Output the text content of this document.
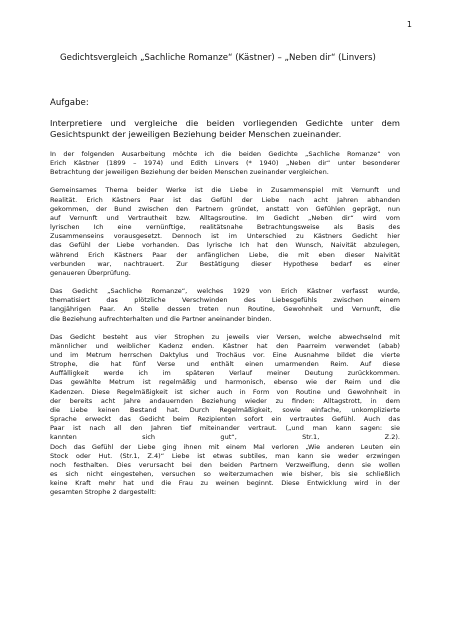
1
Gedichtsvergleich „Sachliche Romanze“ (Kästner) – „Neben dir“ (Linvers)
Aufgabe:
Interpretiere und vergleiche die beiden vorliegenden Gedichte unter dem Gesichtspunkt der jeweiligen Beziehung beider Menschen zueinander.

In der folgenden Ausarbeitung möchte ich die beiden Gedichte „Sachliche Romanze“ von
Erich Kästner (1899 – 1974) und Edith Linvers (* 1940) „Neben dir“ unter besonderer
Betrachtung der jeweiligen Beziehung der beiden Menschen zueinander vergleichen.

Gemeinsames Thema beider Werke ist die Liebe in Zusammenspiel mit Vernunft und
Realität. Erich Kästners Paar ist das Gefühl der Liebe nach acht Jahren abhanden
gekommen, der Bund zwischen den Partnern gründet, anstatt von Gefühlen geprägt, nun
auf Vernunft und Vertrautheit bzw. Alltagsroutine. Im Gedicht „Neben dir“ wird vom
lyrischen Ich eine vernünftige, realitätsnahe Betrachtungsweise als Basis des
Zusammenseins vorausgesetzt. Dennoch ist im Unterschied zu Kästners Gedicht hier
das Gefühl der Liebe vorhanden. Das lyrische Ich hat den Wunsch, Naivität abzulegen,
während Erich Kästners Paar der anfänglichen Liebe, die mit eben dieser Naivität
verbunden war, nachtrauert. Zur Bestätigung dieser Hypothese bedarf es einer
genaueren Überprüfung.

Das Gedicht „Sachliche Romanze“, welches 1929 von Erich Kästner verfasst wurde,
thematisiert das plötzliche Verschwinden des Liebesgefühls zwischen einem
langjährigen Paar. An Stelle dessen treten nun Routine, Gewohnheit und Vernunft, die
die Beziehung aufrechterhalten und die Partner aneinander binden.

Das Gedicht besteht aus vier Strophen zu jeweils vier Versen, welche abwechselnd mit
männlicher und weiblicher Kadenz enden. Kästner hat den Paarreim verwendet (abab)
und im Metrum herrschen Daktylus und Trochäus vor. Eine Ausnahme bildet die vierte
Strophe, die hat fünf Verse und enthält einen umarmenden Reim. Auf diese
Auffälligkeit werde ich im späteren Verlauf meiner Deutung zurückkommen.
Das gewählte Metrum ist regelmäßig und harmonisch, ebenso wie der Reim und die
Kadenzen. Diese Regelmäßigkeit ist sicher auch in Form von Routine und Gewohnheit in
der bereits acht Jahre andauernden Beziehung wieder zu finden: Alltagstrott, in dem
die Liebe keinen Bestand hat. Durch Regelmäßigkeit, sowie einfache, unkomplizierte
Sprache erweckt das Gedicht beim Rezipienten sofort ein vertrautes Gefühl. Auch das
Paar ist nach all den Jahren tief miteinander vertraut. („und man kann sagen: sie
kannten sich gut“, Str.1, Z.2).
Doch das Gefühl der Liebe ging ihnen mit einem Mal verloren „Wie anderen Leuten ein
Stock oder Hut. (Str.1, Z.4)“ Liebe ist etwas subtiles, man kann sie weder erzwingen
noch festhalten. Dies verursacht bei den beiden Partnern Verzweiflung, denn sie wollen
es sich nicht eingestehen, versuchen so weiterzumachen wie bisher, bis sie schließlich
keine Kraft mehr hat und die Frau zu weinen beginnt. Diese Entwicklung wird in der
gesamten Strophe 2 dargestellt:
